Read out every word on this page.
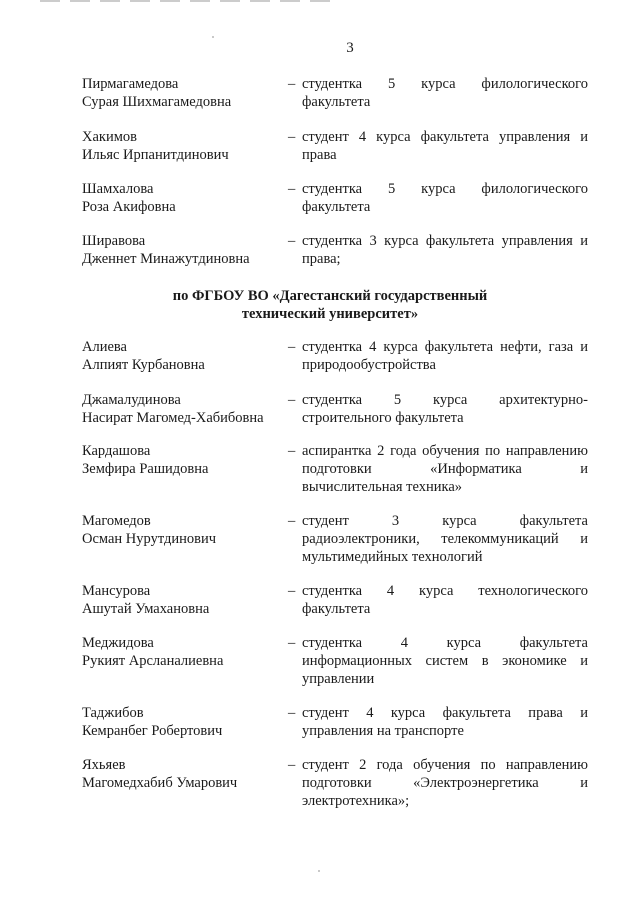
3
Пирмагамедова
Сурая Шихмагамедовна
– студентка 5 курса филологического
факультета
Хакимов
Ильяс Ирпанитдинович
– студент 4 курса факультета управления и
права
Шамхалова
Роза Акифовна
– студентка 5 курса филологического
факультета
Ширавова
Дженнет Минажутдиновна
– студентка 3 курса факультета управления и
права;
по ФГБОУ ВО «Дагестанский государственный
технический университет»
Алиева
Алпият Курбановна
– студентка 4 курса факультета нефти, газа и
природообустройства
Джамалудинова
Насират Магомед-Хабибовна
– студентка 5 курса архитектурно-
строительного факультета
Кардашова
Земфира Рашидовна
– аспирантка 2 года обучения по направлению
подготовки «Информатика и
вычислительная техника»
Магомедов
Осман Нурутдинович
– студент 3 курса факультета
радиоэлектроники, телекоммуникаций и
мультимедийных технологий
Мансурова
Ашутай Умахановна
– студентка 4 курса технологического
факультета
Меджидова
Рукият Арсланалиевна
– студентка 4 курса факультета
информационных систем в экономике и
управлении
Таджибов
Кемранбег Робертович
– студент 4 курса факультета права и
управления на транспорте
Яхьяев
Магомедхабиб Умарович
– студент 2 года обучения по направлению
подготовки «Электроэнергетика и
электротехника»;
